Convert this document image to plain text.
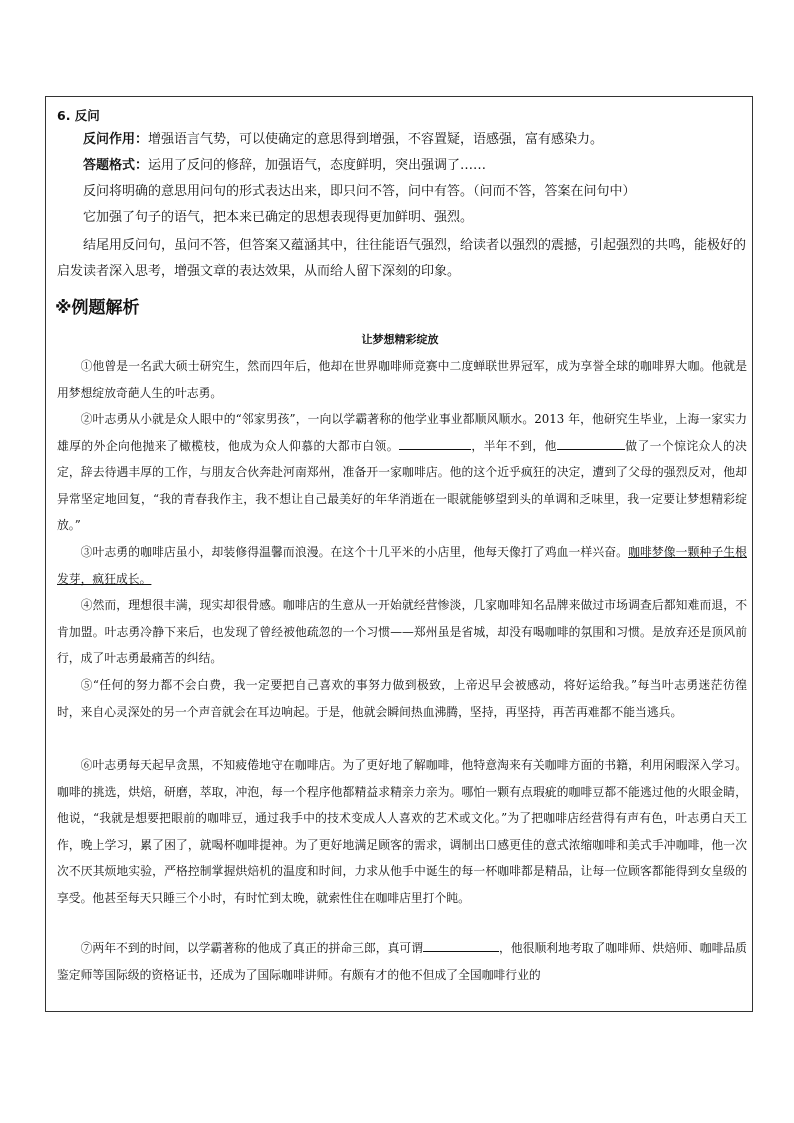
6. 反问
  反问作用：增强语言气势，可以使确定的意思得到增强，不容置疑，语感强，富有感染力。
  答题格式：运用了反问的修辞，加强语气，态度鲜明，突出强调了……
  反问将明确的意思用问句的形式表达出来，即只问不答，问中有答。（问而不答，答案在问句中）
  它加强了句子的语气，把本来已确定的思想表现得更加鲜明、强烈。

结尾用反问句，虽问不答，但答案又蕴涵其中，往往能语气强烈，给读者以强烈的震撼，引起强烈的共鸣，能极好的启发读者深入思考，增强文章的表达效果，从而给人留下深刻的印象。

※例题解析
让梦想精彩绽放

①他曾是一名武大硕士研究生，然而四年后，他却在世界咖啡师竞赛中二度蝉联世界冠军，成为享誉全球的咖啡界大咖。他就是用梦想绽放奇葩人生的叶志勇。

②叶志勇从小就是众人眼中的“邻家男孩”，一向以学霸著称的他学业事业都顺风顺水。2013 年，他研究生毕业，上海一家实力雄厚的外企向他抛来了橄榄枝，他成为众人仰慕的大都市白领。	，半年不到，他	做了一个惊诧众人的决定，辞去待遇丰厚的工作，与朋友合伙奔赴河南郑州，准备开一家咖啡店。他的这个近乎疯狂的决定，遭到了父母的强烈反对，他却异常坚定地回复，“我的青春我作主，我不想让自己最美好的年华消逝在一眼就能够望到头的单调和乏味里，我一定要让梦想精彩绽放。”

③叶志勇的咖啡店虽小，却装修得温馨而浪漫。在这个十几平米的小店里，他每天像打了鸡血一样兴奋。咖啡梦像一颗种子生根发芽，疯狂成长。

④然而，理想很丰满，现实却很骨感。咖啡店的生意从一开始就经营惨淡，几家咖啡知名品牌来做过市场调查后都知难而退，不肯加盟。叶志勇冷静下来后，也发现了曾经被他疏忽的一个习惯——郑州虽是省城，却没有喝咖啡的氛围和习惯。是放弃还是顶风前行，成了叶志勇最痛苦的纠结。

⑤“任何的努力都不会白费，我一定要把自己喜欢的事努力做到极致，上帝迟早会被感动，将好运给我。”每当叶志勇迷茫彷徨时，来自心灵深处的另一个声音就会在耳边响起。于是，他就会瞬间热血沸腾，坚持，再坚持，再苦再难都不能当逃兵。

⑥叶志勇每天起早贪黑，不知疲倦地守在咖啡店。为了更好地了解咖啡，他特意淘来有关咖啡方面的书籍，利用闲暇深入学习。咖啡的挑选，烘焙，研磨，萃取，冲泡，每一个程序他都精益求精亲力亲为。哪怕一颗有点瑕疵的咖啡豆都不能逃过他的火眼金睛，他说，“我就是想要把眼前的咖啡豆，通过我手中的技术变成人人喜欢的艺术或文化。”为了把咖啡店经营得有声有色，叶志勇白天工作，晚上学习，累了困了，就喝杯咖啡提神。为了更好地满足顾客的需求，调制出口感更佳的意式浓缩咖啡和美式手冲咖啡，他一次次不厌其烦地实验，严格控制掌握烘焙机的温度和时间，力求从他手中诞生的每一杯咖啡都是精品，让每一位顾客都能得到女皇级的享受。他甚至每天只睡三个小时，有时忙到太晚，就索性住在咖啡店里打个盹。

⑦两年不到的时间，以学霸著称的他成了真正的拼命三郎，真可谓	，他很顺利地考取了咖啡师、烘焙师、咖啡品质鉴定师等国际级的资格证书，还成为了国际咖啡讲师。有颇有才的他不但成了全国咖啡行业的
